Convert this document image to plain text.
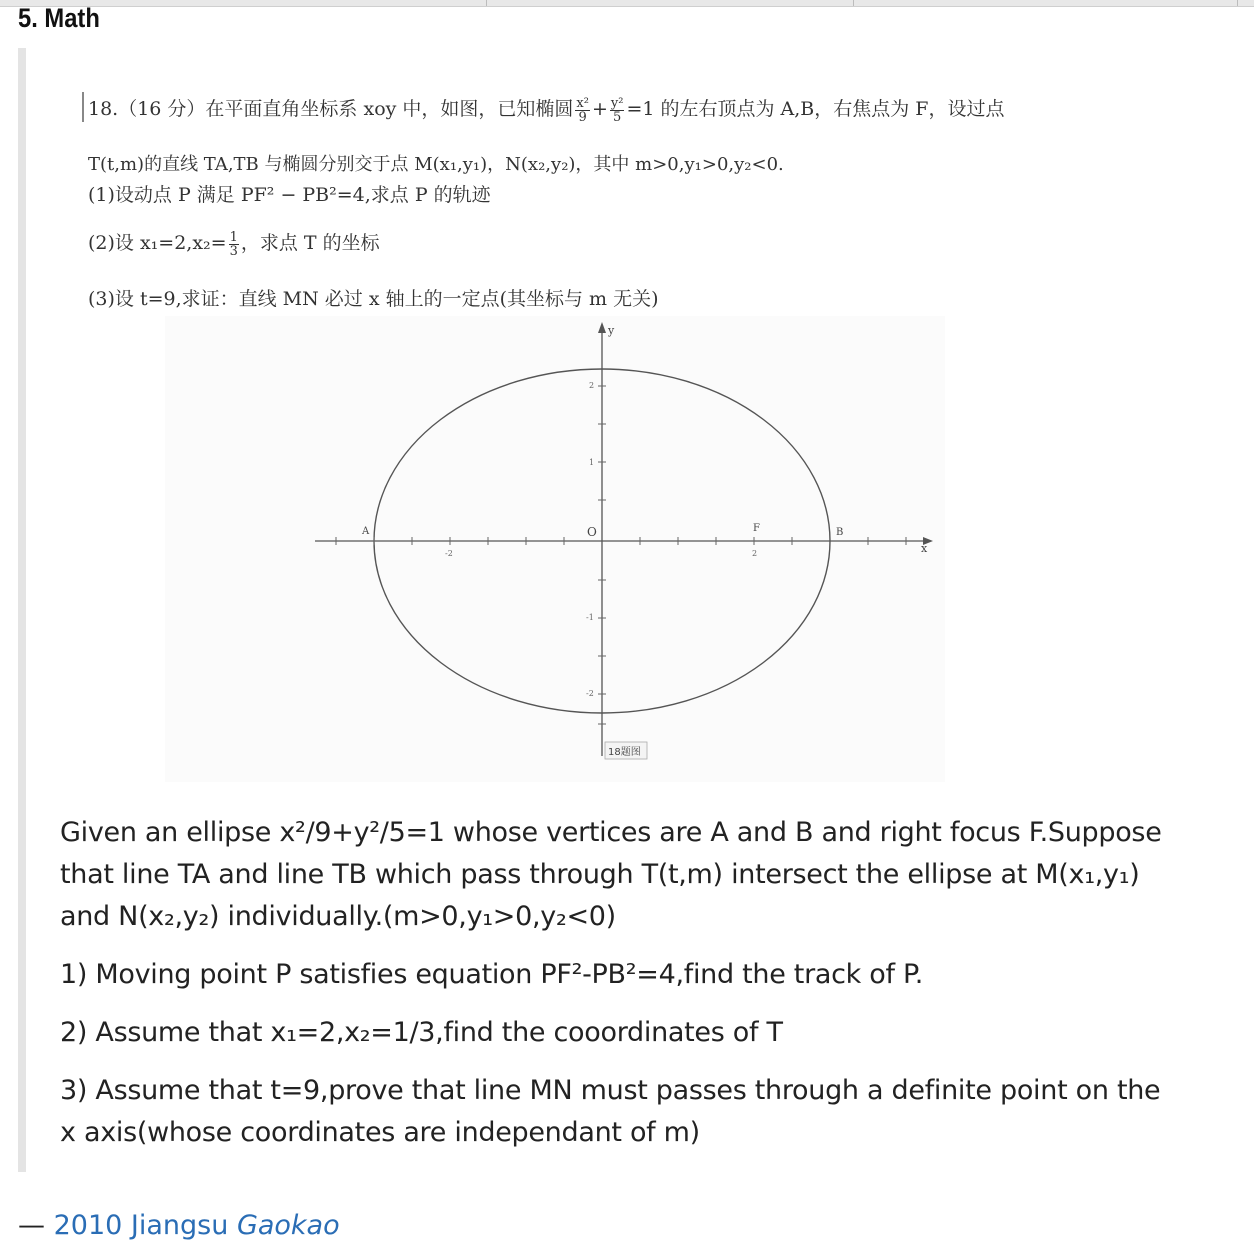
5. Math
18.（16 分）在平面直角坐标系 xoy 中，如图，已知椭圆 $\frac{\text{x²}}{9} + \frac{\text{y²}}{5} =1$ 的左右顶点为 A,B，右焦点为 F，设过点
T(t,m)的直线 TA,TB 与椭圆分别交于点 M(x₁,y₁)，N(x₂,y₂)，其中 m>0,y₁>0,y₂<0.
(1)设动点 P 满足 PF² − PB²=4,求点 P 的轨迹
(2)设 $x_1=2,x_2= \frac{1}{3}$ ，求点 T 的坐标
(3)设 t=9,求证：直线 MN 必过 x 轴上的一定点(其坐标与 m 无关)
y
x
O
A	B
F
2
1
-1
-2
-2	2
18题图

Given an ellipse x²/9+y²/5=1 whose vertices are A and B and right focus F.Suppose that line TA and line TB which pass through T(t,m) intersect the ellipse at M(x₁,y₁) and N(x₂,y₂) individually.(m>0,y₁>0,y₂<0)

1) Moving point P satisfies equation PF²-PB²=4,find the track of P.

2) Assume that x₁=2,x₂=1/3,find the cooordinates of T

3) Assume that t=9,prove that line MN must passes through a definite point on the x axis(whose coordinates are independant of m)

— 2010 Jiangsu Gaokao
